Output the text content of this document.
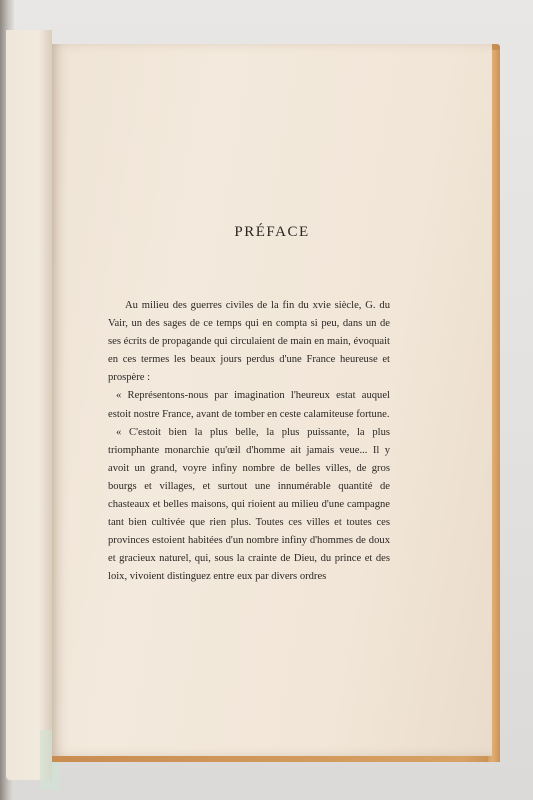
PRÉFACE

Au milieu des guerres civiles de la fin du xvie siècle, G. du Vair, un des sages de ce temps qui en compta si peu, dans un de ses écrits de propagande qui circulaient de main en main, évoquait en ces termes les beaux jours perdus d'une France heureuse et prospère :

« Représentons-nous par imagination l'heureux estat auquel estoit nostre France, avant de tomber en ceste calamiteuse fortune.

« C'estoit bien la plus belle, la plus puissante, la plus triomphante monarchie qu'œil d'homme ait jamais veue... Il y avoit un grand, voyre infiny nombre de belles villes, de gros bourgs et villages, et surtout une innumérable quantité de chasteaux et belles maisons, qui rioient au milieu d'une campagne tant bien cultivée que rien plus. Toutes ces villes et toutes ces provinces estoient habitées d'un nombre infiny d'hommes de doux et gracieux naturel, qui, sous la crainte de Dieu, du prince et des loix, vivoient distinguez entre eux par divers ordres
